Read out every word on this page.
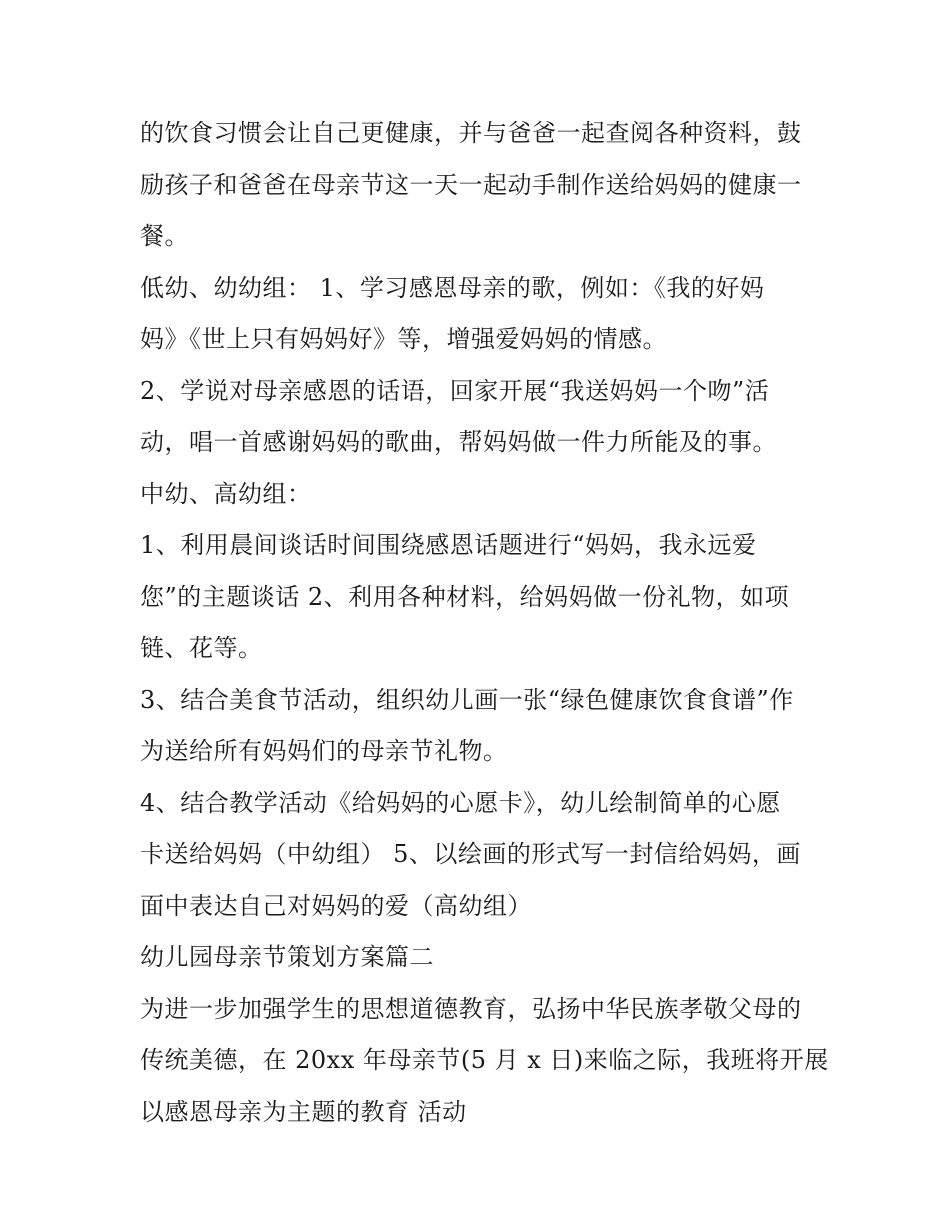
的饮食习惯会让自己更健康，并与爸爸一起查阅各种资料，鼓
励孩子和爸爸在母亲节这一天一起动手制作送给妈妈的健康一
餐。
低幼、幼幼组： 1、学习感恩母亲的歌，例如：《我的好妈
妈》《世上只有妈妈好》等，增强爱妈妈的情感。
2、学说对母亲感恩的话语，回家开展“我送妈妈一个吻”活
动，唱一首感谢妈妈的歌曲，帮妈妈做一件力所能及的事。
中幼、高幼组：
1、利用晨间谈话时间围绕感恩话题进行“妈妈，我永远爱
您”的主题谈话 2、利用各种材料，给妈妈做一份礼物，如项
链、花等。
3、结合美食节活动，组织幼儿画一张“绿色健康饮食食谱”作
为送给所有妈妈们的母亲节礼物。
4、结合教学活动《给妈妈的心愿卡》，幼儿绘制简单的心愿
卡送给妈妈（中幼组） 5、以绘画的形式写一封信给妈妈，画
面中表达自己对妈妈的爱（高幼组）
幼儿园母亲节策划方案篇二
为进一步加强学生的思想道德教育，弘扬中华民族孝敬父母的
传统美德，在 20xx 年母亲节(5 月 x 日)来临之际，我班将开展
以感恩母亲为主题的教育 活动
